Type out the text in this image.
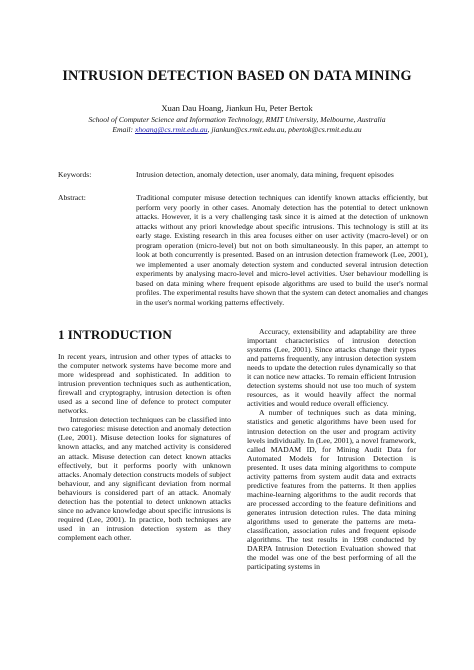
INTRUSION DETECTION BASED ON DATA MINING
Xuan Dau Hoang, Jiankun Hu, Peter Bertok
School of Computer Science and Information Technology, RMIT University, Melbourne, Australia
Email: xhoang@cs.rmit.edu.au, jiankun@cs.rmit.edu.au, pbertok@cs.rmit.edu.au
Keywords:	Intrusion detection, anomaly detection, user anomaly, data mining, frequent episodes
Abstract:	Traditional computer misuse detection techniques can identify known attacks efficiently, but perform very poorly in other cases. Anomaly detection has the potential to detect unknown attacks. However, it is a very challenging task since it is aimed at the detection of unknown attacks without any priori knowledge about specific intrusions. This technology is still at its early stage. Existing research in this area focuses either on user activity (macro-level) or on program operation (micro-level) but not on both simultaneously. In this paper, an attempt to look at both concurrently is presented. Based on an intrusion detection framework (Lee, 2001), we implemented a user anomaly detection system and conducted several intrusion detection experiments by analysing macro-level and micro-level activities. User behaviour modelling is based on data mining where frequent episode algorithms are used to build the user's normal profiles. The experimental results have shown that the system can detect anomalies and changes in the user's normal working patterns effectively.
1 INTRODUCTION

In recent years, intrusion and other types of attacks to the computer network systems have become more and more widespread and sophisticated. In addition to intrusion prevention techniques such as authentication, firewall and cryptography, intrusion detection is often used as a second line of defence to protect computer networks.

Intrusion detection techniques can be classified into two categories: misuse detection and anomaly detection (Lee, 2001). Misuse detection looks for signatures of known attacks, and any matched activity is considered an attack. Misuse detection can detect known attacks effectively, but it performs poorly with unknown attacks. Anomaly detection constructs models of subject behaviour, and any significant deviation from normal behaviours is considered part of an attack. Anomaly detection has the potential to detect unknown attacks since no advance knowledge about specific intrusions is required (Lee, 2001). In practice, both techniques are used in an intrusion detection system as they complement each other.

Accuracy, extensibility and adaptability are three important characteristics of intrusion detection systems (Lee, 2001). Since attacks change their types and patterns frequently, any intrusion detection system needs to update the detection rules dynamically so that it can notice new attacks. To remain efficient Intrusion detection systems should not use too much of system resources, as it would heavily affect the normal activities and would reduce overall efficiency.

A number of techniques such as data mining, statistics and genetic algorithms have been used for intrusion detection on the user and program activity levels individually. In (Lee, 2001), a novel framework, called MADAM ID, for Mining Audit Data for Automated Models for Intrusion Detection is presented. It uses data mining algorithms to compute activity patterns from system audit data and extracts predictive features from the patterns. It then applies machine-learning algorithms to the audit records that are processed according to the feature definitions and generates intrusion detection rules. The data mining algorithms used to generate the patterns are meta-classification, association rules and frequent episode algorithms. The test results in 1998 conducted by DARPA Intrusion Detection Evaluation showed that the model was one of the best performing of all the participating systems in
